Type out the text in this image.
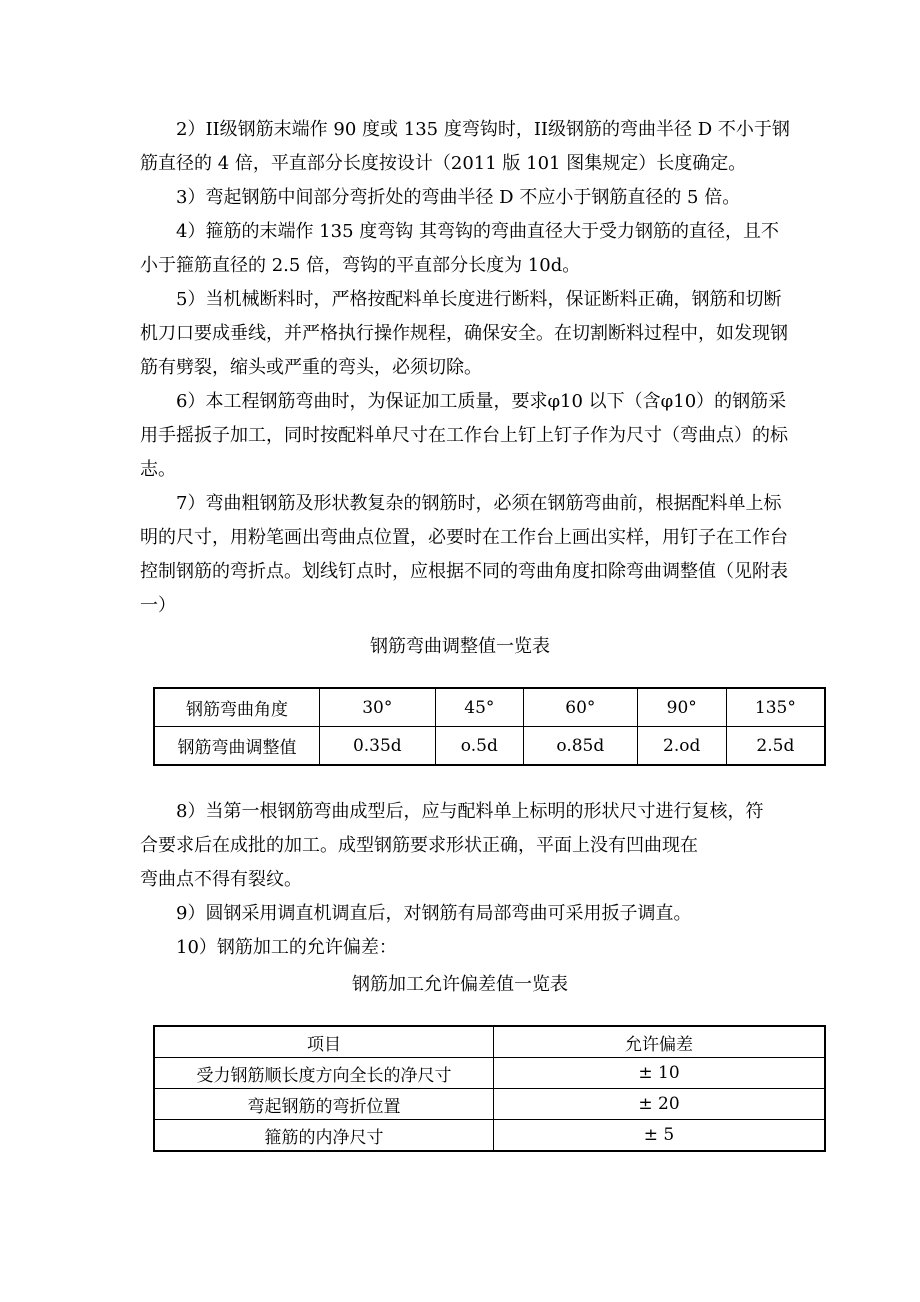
2）II级钢筋末端作 90 度或 135 度弯钩时，II级钢筋的弯曲半径 D 不小于钢筋直径的 4 倍，平直部分长度按设计（2011 版 101 图集规定）长度确定。

3）弯起钢筋中间部分弯折处的弯曲半径 D 不应小于钢筋直径的 5 倍。

4）箍筋的末端作 135 度弯钩 其弯钩的弯曲直径大于受力钢筋的直径，且不小于箍筋直径的 2.5 倍，弯钩的平直部分长度为 10d。

5）当机械断料时，严格按配料单长度进行断料，保证断料正确，钢筋和切断机刀口要成垂线，并严格执行操作规程，确保安全。在切割断料过程中，如发现钢筋有劈裂，缩头或严重的弯头，必须切除。

6）本工程钢筋弯曲时，为保证加工质量，要求φ10 以下（含φ10）的钢筋采用手摇扳子加工，同时按配料单尺寸在工作台上钉上钉子作为尺寸（弯曲点）的标志。

7）弯曲粗钢筋及形状教复杂的钢筋时，必须在钢筋弯曲前，根据配料单上标明的尺寸，用粉笔画出弯曲点位置，必要时在工作台上画出实样，用钉子在工作台控制钢筋的弯折点。划线钉点时，应根据不同的弯曲角度扣除弯曲调整值（见附表一）

钢筋弯曲调整值一览表
钢筋弯曲角度	30°	45°	60°	90°	135°
钢筋弯曲调整值	0.35d	o.5d	o.85d	2.od	2.5d

8）当第一根钢筋弯曲成型后，应与配料单上标明的形状尺寸进行复核，符

合要求后在成批的加工。成型钢筋要求形状正确，平面上没有凹曲现在

弯曲点不得有裂纹。

9）圆钢采用调直机调直后，对钢筋有局部弯曲可采用扳子调直。

10）钢筋加工的允许偏差：

钢筋加工允许偏差值一览表
项目	允许偏差
受力钢筋顺长度方向全长的净尺寸	± 10
弯起钢筋的弯折位置	± 20
箍筋的内净尺寸	± 5
